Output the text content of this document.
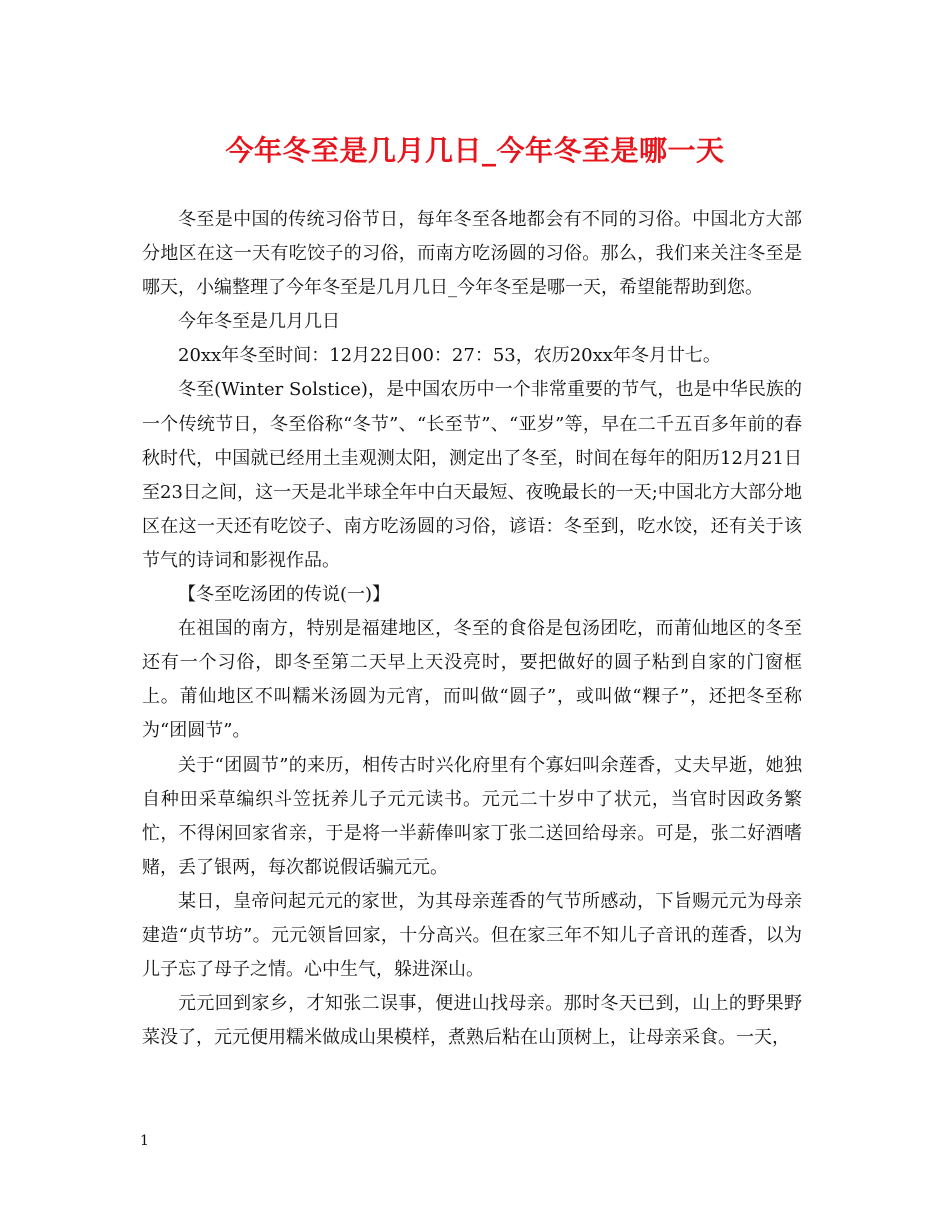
今年冬至是几月几日_今年冬至是哪一天

冬至是中国的传统习俗节日，每年冬至各地都会有不同的习俗。中国北方大部分地区在这一天有吃饺子的习俗，而南方吃汤圆的习俗。那么，我们来关注冬至是哪天，小编整理了今年冬至是几月几日_今年冬至是哪一天，希望能帮助到您。

今年冬至是几月几日

20xx年冬至时间：12月22日00：27：53，农历20xx年冬月廿七。

冬至(Winter Solstice)，是中国农历中一个非常重要的节气，也是中华民族的一个传统节日，冬至俗称“冬节”、“长至节”、“亚岁”等，早在二千五百多年前的春秋时代，中国就已经用土圭观测太阳，测定出了冬至，时间在每年的阳历12月21日至23日之间，这一天是北半球全年中白天最短、夜晚最长的一天;中国北方大部分地区在这一天还有吃饺子、南方吃汤圆的习俗，谚语：冬至到，吃水饺，还有关于该节气的诗词和影视作品。

【冬至吃汤团的传说(一)】

在祖国的南方，特别是福建地区，冬至的食俗是包汤团吃，而莆仙地区的冬至还有一个习俗，即冬至第二天早上天没亮时，要把做好的圆子粘到自家的门窗框上。莆仙地区不叫糯米汤圆为元宵，而叫做“圆子”，或叫做“粿子”，还把冬至称为“团圆节”。

关于“团圆节”的来历，相传古时兴化府里有个寡妇叫余莲香，丈夫早逝，她独自种田采草编织斗笠抚养儿子元元读书。元元二十岁中了状元，当官时因政务繁忙，不得闲回家省亲，于是将一半薪俸叫家丁张二送回给母亲。可是，张二好酒嗜赌，丢了银两，每次都说假话骗元元。

某日，皇帝问起元元的家世，为其母亲莲香的气节所感动，下旨赐元元为母亲建造“贞节坊”。元元领旨回家，十分高兴。但在家三年不知儿子音讯的莲香，以为儿子忘了母子之情。心中生气，躲进深山。

元元回到家乡，才知张二误事，便进山找母亲。那时冬天已到，山上的野果野菜没了，元元便用糯米做成山果模样，煮熟后粘在山顶树上，让母亲采食。一天，

1
